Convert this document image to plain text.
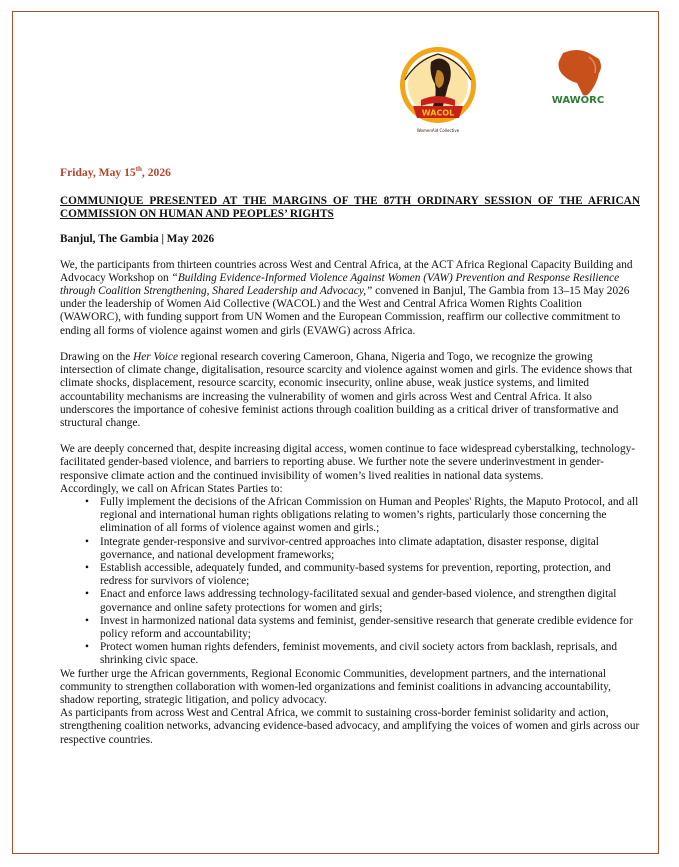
WACOL
WomenAid Collective
WAWORC
Friday, May 15th, 2026
COMMUNIQUE PRESENTED AT THE MARGINS OF THE 87TH ORDINARY SESSION OF THE AFRICAN COMMISSION ON HUMAN AND PEOPLES’ RIGHTS
Banjul, The Gambia | May 2026

We, the participants from thirteen countries across West and Central Africa, at the ACT Africa Regional Capacity Building and Advocacy Workshop on “Building Evidence-Informed Violence Against Women (VAW) Prevention and Response Resilience through Coalition Strengthening, Shared Leadership and Advocacy,” convened in Banjul, The Gambia from 13–15 May 2026 under the leadership of Women Aid Collective (WACOL) and the West and Central Africa Women Rights Coalition (WAWORC), with funding support from UN Women and the European Commission, reaffirm our collective commitment to ending all forms of violence against women and girls (EVAWG) across Africa.

Drawing on the Her Voice regional research covering Cameroon, Ghana, Nigeria and Togo, we recognize the growing intersection of climate change, digitalisation, resource scarcity and violence against women and girls. The evidence shows that climate shocks, displacement, resource scarcity, economic insecurity, online abuse, weak justice systems, and limited accountability mechanisms are increasing the vulnerability of women and girls across West and Central Africa. It also underscores the importance of cohesive feminist actions through coalition building as a critical driver of transformative and structural change.

We are deeply concerned that, despite increasing digital access, women continue to face widespread cyberstalking, technology-facilitated gender-based violence, and barriers to reporting abuse. We further note the severe underinvestment in gender-responsive climate action and the continued invisibility of women’s lived realities in national data systems.

Accordingly, we call on African States Parties to:

• Fully implement the decisions of the African Commission on Human and Peoples' Rights, the Maputo Protocol, and all regional and international human rights obligations relating to women’s rights, particularly those concerning the elimination of all forms of violence against women and girls.;
• Integrate gender-responsive and survivor-centred approaches into climate adaptation, disaster response, digital governance, and national development frameworks;
• Establish accessible, adequately funded, and community-based systems for prevention, reporting, protection, and redress for survivors of violence;
• Enact and enforce laws addressing technology-facilitated sexual and gender-based violence, and strengthen digital governance and online safety protections for women and girls;
• Invest in harmonized national data systems and feminist, gender-sensitive research that generate credible evidence for policy reform and accountability;
• Protect women human rights defenders, feminist movements, and civil society actors from backlash, reprisals, and shrinking civic space.

We further urge the African governments, Regional Economic Communities, development partners, and the international community to strengthen collaboration with women-led organizations and feminist coalitions in advancing accountability, shadow reporting, strategic litigation, and policy advocacy.

As participants from across West and Central Africa, we commit to sustaining cross-border feminist solidarity and action, strengthening coalition networks, advancing evidence-based advocacy, and amplifying the voices of women and girls across our respective countries.
